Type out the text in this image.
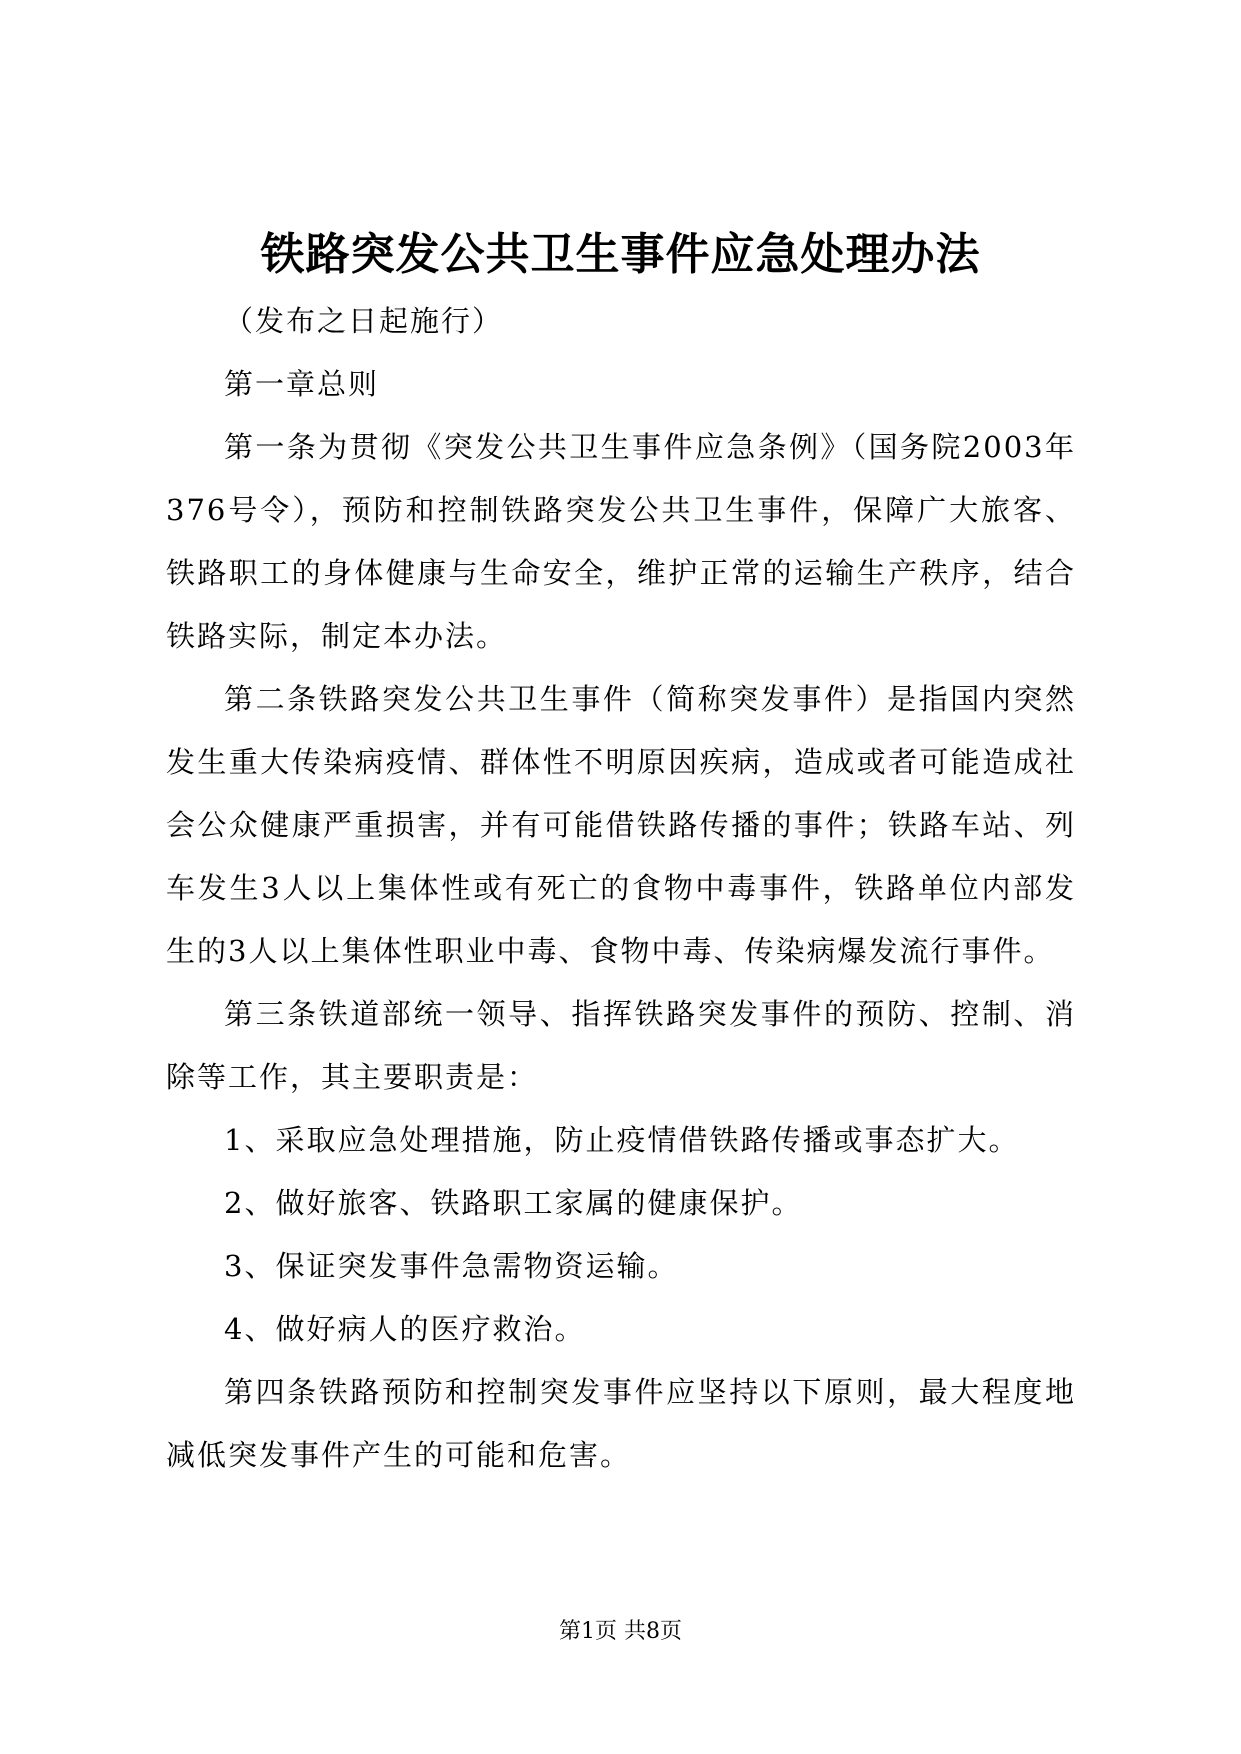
铁路突发公共卫生事件应急处理办法

（发布之日起施行）

第一章总则

第一条为贯彻《突发公共卫生事件应急条例》（国务院2003年376号令），预防和控制铁路突发公共卫生事件，保障广大旅客、铁路职工的身体健康与生命安全，维护正常的运输生产秩序，结合铁路实际，制定本办法。

第二条铁路突发公共卫生事件（简称突发事件）是指国内突然发生重大传染病疫情、群体性不明原因疾病，造成或者可能造成社会公众健康严重损害，并有可能借铁路传播的事件；铁路车站、列车发生3人以上集体性或有死亡的食物中毒事件，铁路单位内部发生的3人以上集体性职业中毒、食物中毒、传染病爆发流行事件。

第三条铁道部统一领导、指挥铁路突发事件的预防、控制、消除等工作，其主要职责是：

1、采取应急处理措施，防止疫情借铁路传播或事态扩大。

2、做好旅客、铁路职工家属的健康保护。

3、保证突发事件急需物资运输。

4、做好病人的医疗救治。

第四条铁路预防和控制突发事件应坚持以下原则，最大程度地减低突发事件产生的可能和危害。

第1页 共8页
